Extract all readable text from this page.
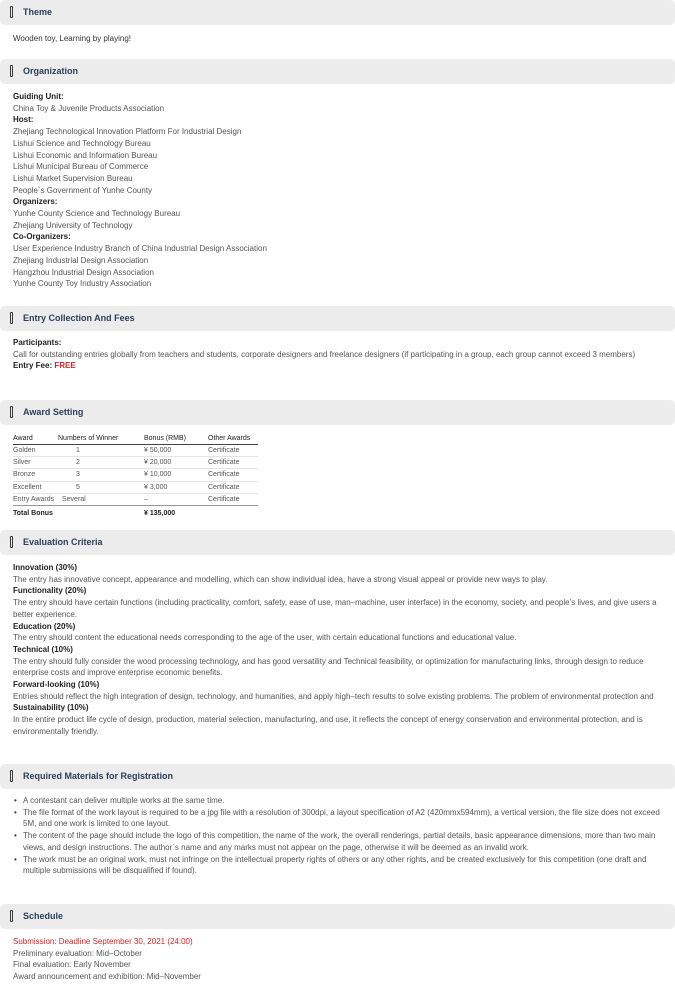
Theme
Wooden toy, Learning by playing!
Organization
Guiding Unit:
China Toy & Juvenile Products Association
Host:
Zhejiang Technological Innovation Platform For Industrial Design
Lishui Science and Technology Bureau
Lishui Economic and Information Bureau
Lishui Municipal Bureau of Commerce
Lishui Market Supervision Bureau
People`s Government of Yunhe County
Organizers:
Yunhe County Science and Technology Bureau
Zhejiang University of Technology
Co-Organizers:
User Experience Industry Branch of China Industrial Design Association
Zhejiang Industrial Design Association
Hangzhou Industrial Design Association
Yunhe County Toy Industry Association
Entry Collection And Fees
Participants:
Call for outstanding entries globally from teachers and students, corporate designers and freelance designers (if participating in a group, each group cannot exceed 3 members)
Entry Fee: FREE
Award Setting
Award	Numbers of Winner	Bonus (RMB)	Other Awards
Golden	1	¥ 50,000	Certificate
Silver	2	¥ 20,000	Certificate
Bronze	3	¥ 10,000	Certificate
Excellent	5	¥ 3,000	Certificate
Entry Awards	Several	–	Certificate
Total Bonus		¥ 135,000	
Evaluation Criteria
Innovation (30%)
The entry has innovative concept, appearance and modelling, which can show individual idea, have a strong visual appeal or provide new ways to play.
Functionality (20%)
The entry should have certain functions (including practicality, comfort, safety, ease of use, man–machine, user interface) in the economy, society, and people’s lives, and give users a better experience.
Education (20%)
The entry should content the educational needs corresponding to the age of the user, with certain educational functions and educational value.
Technical (10%)
The entry should fully consider the wood processing technology, and has good versatility and Technical feasibility, or optimization for manufacturing links, through design to reduce enterprise costs and improve enterprise economic benefits.
Forward-looking (10%)
Entries should reflect the high integration of design, technology, and humanities, and apply high–tech results to solve existing problems. The problem of environmental protection and
Sustainability (10%)
In the entire product life cycle of design, production, material selection, manufacturing, and use, it reflects the concept of energy conservation and environmental protection, and is environmentally friendly.
Required Materials for Registration
• A contestant can deliver multiple works at the same time.
• The file format of the work layout is required to be a jpg file with a resolution of 300dpi, a layout specification of A2 (420mmx594mm), a vertical version, the file size does not exceed 5M, and one work is limited to one layout.
• The content of the page should include the logo of this competition, the name of the work, the overall renderings, partial details, basic appearance dimensions, more than two main views, and design instructions. The author`s name and any marks must not appear on the page, otherwise it will be deemed as an invalid work.
• The work must be an original work, must not infringe on the intellectual property rights of others or any other rights, and be created exclusively for this competition (one draft and multiple submissions will be disqualified if found).
Schedule
Submission: Deadline September 30, 2021 (24:00)
Preliminary evaluation: Mid–October
Final evaluation: Early November
Award announcement and exhibition: Mid–November
